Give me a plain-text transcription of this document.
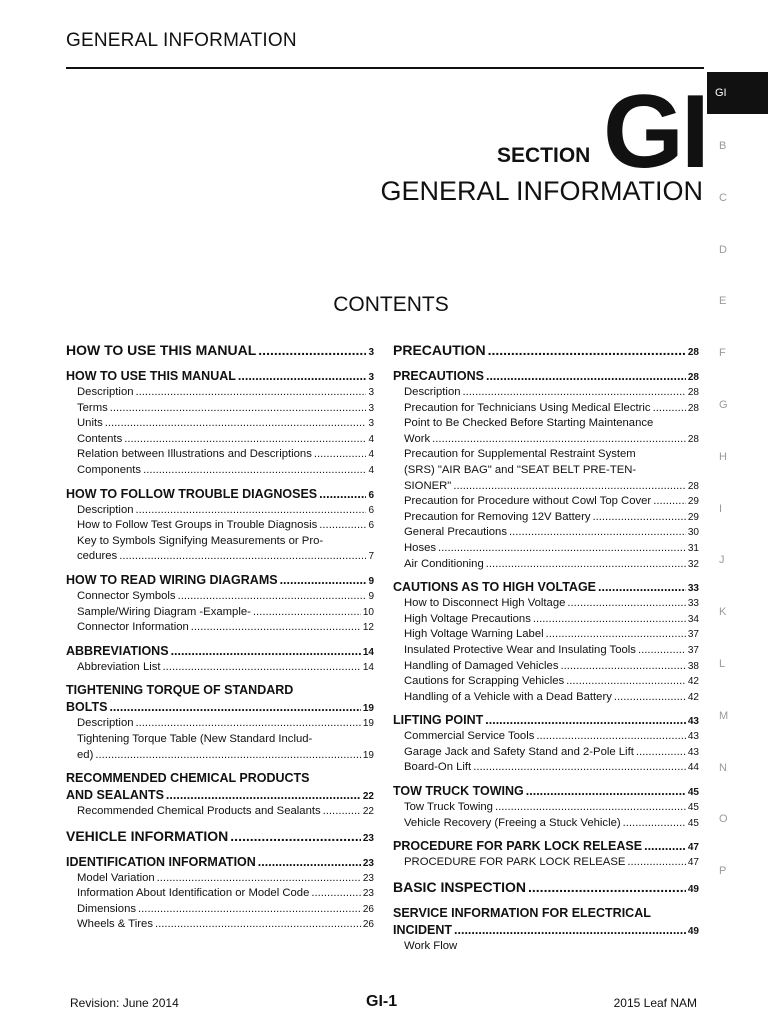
GENERAL INFORMATION
GI
B
C
D
E
F
G
H
I
J
K
L
M
N
O
P
SECTION GI
GENERAL INFORMATION
CONTENTS
HOW TO USE THIS MANUAL .....	3
HOW TO USE THIS MANUAL .....	3
Description .....	3
Terms .....	3
Units .....	3
Contents .....	4
Relation between Illustrations and Descriptions .....	4
Components .....	4
HOW TO FOLLOW TROUBLE DIAGNOSES .....	6
Description .....	6
How to Follow Test Groups in Trouble Diagnosis .....	6
Key to Symbols Signifying Measurements or Pro-
cedures .....	7
HOW TO READ WIRING DIAGRAMS .....	9
Connector Symbols .....	9
Sample/Wiring Diagram -Example- .....	10
Connector Information .....	12
ABBREVIATIONS .....	14
Abbreviation List .....	14
TIGHTENING TORQUE OF STANDARD
BOLTS .....	19
Description .....	19
Tightening Torque Table (New Standard Includ-
ed) .....	19
RECOMMENDED CHEMICAL PRODUCTS
AND SEALANTS .....	22
Recommended Chemical Products and Sealants .....	22
VEHICLE INFORMATION .....	23
IDENTIFICATION INFORMATION .....	23
Model Variation .....	23
Information About Identification or Model Code .....	23
Dimensions .....	26
Wheels & Tires .....	26
PRECAUTION .....	28
PRECAUTIONS .....	28
Description .....	28
Precaution for Technicians Using Medical Electric .....	28
Point to Be Checked Before Starting Maintenance
Work .....	28
Precaution for Supplemental Restraint System
(SRS) "AIR BAG" and "SEAT BELT PRE-TEN-
SIONER" .....	28
Precaution for Procedure without Cowl Top Cover .....	29
Precaution for Removing 12V Battery .....	29
General Precautions .....	30
Hoses .....	31
Air Conditioning .....	32
CAUTIONS AS TO HIGH VOLTAGE .....	33
How to Disconnect High Voltage .....	33
High Voltage Precautions .....	34
High Voltage Warning Label .....	37
Insulated Protective Wear and Insulating Tools .....	37
Handling of Damaged Vehicles .....	38
Cautions for Scrapping Vehicles .....	42
Handling of a Vehicle with a Dead Battery .....	42
LIFTING POINT .....	43
Commercial Service Tools .....	43
Garage Jack and Safety Stand and 2-Pole Lift .....	43
Board-On Lift .....	44
TOW TRUCK TOWING .....	45
Tow Truck Towing .....	45
Vehicle Recovery (Freeing a Stuck Vehicle) .....	45
PROCEDURE FOR PARK LOCK RELEASE .....	47
PROCEDURE FOR PARK LOCK RELEASE .....	47
BASIC INSPECTION .....	49
SERVICE INFORMATION FOR ELECTRICAL
INCIDENT .....	49
Work Flow
Revision: June 2014	GI-1	2015 Leaf NAM
